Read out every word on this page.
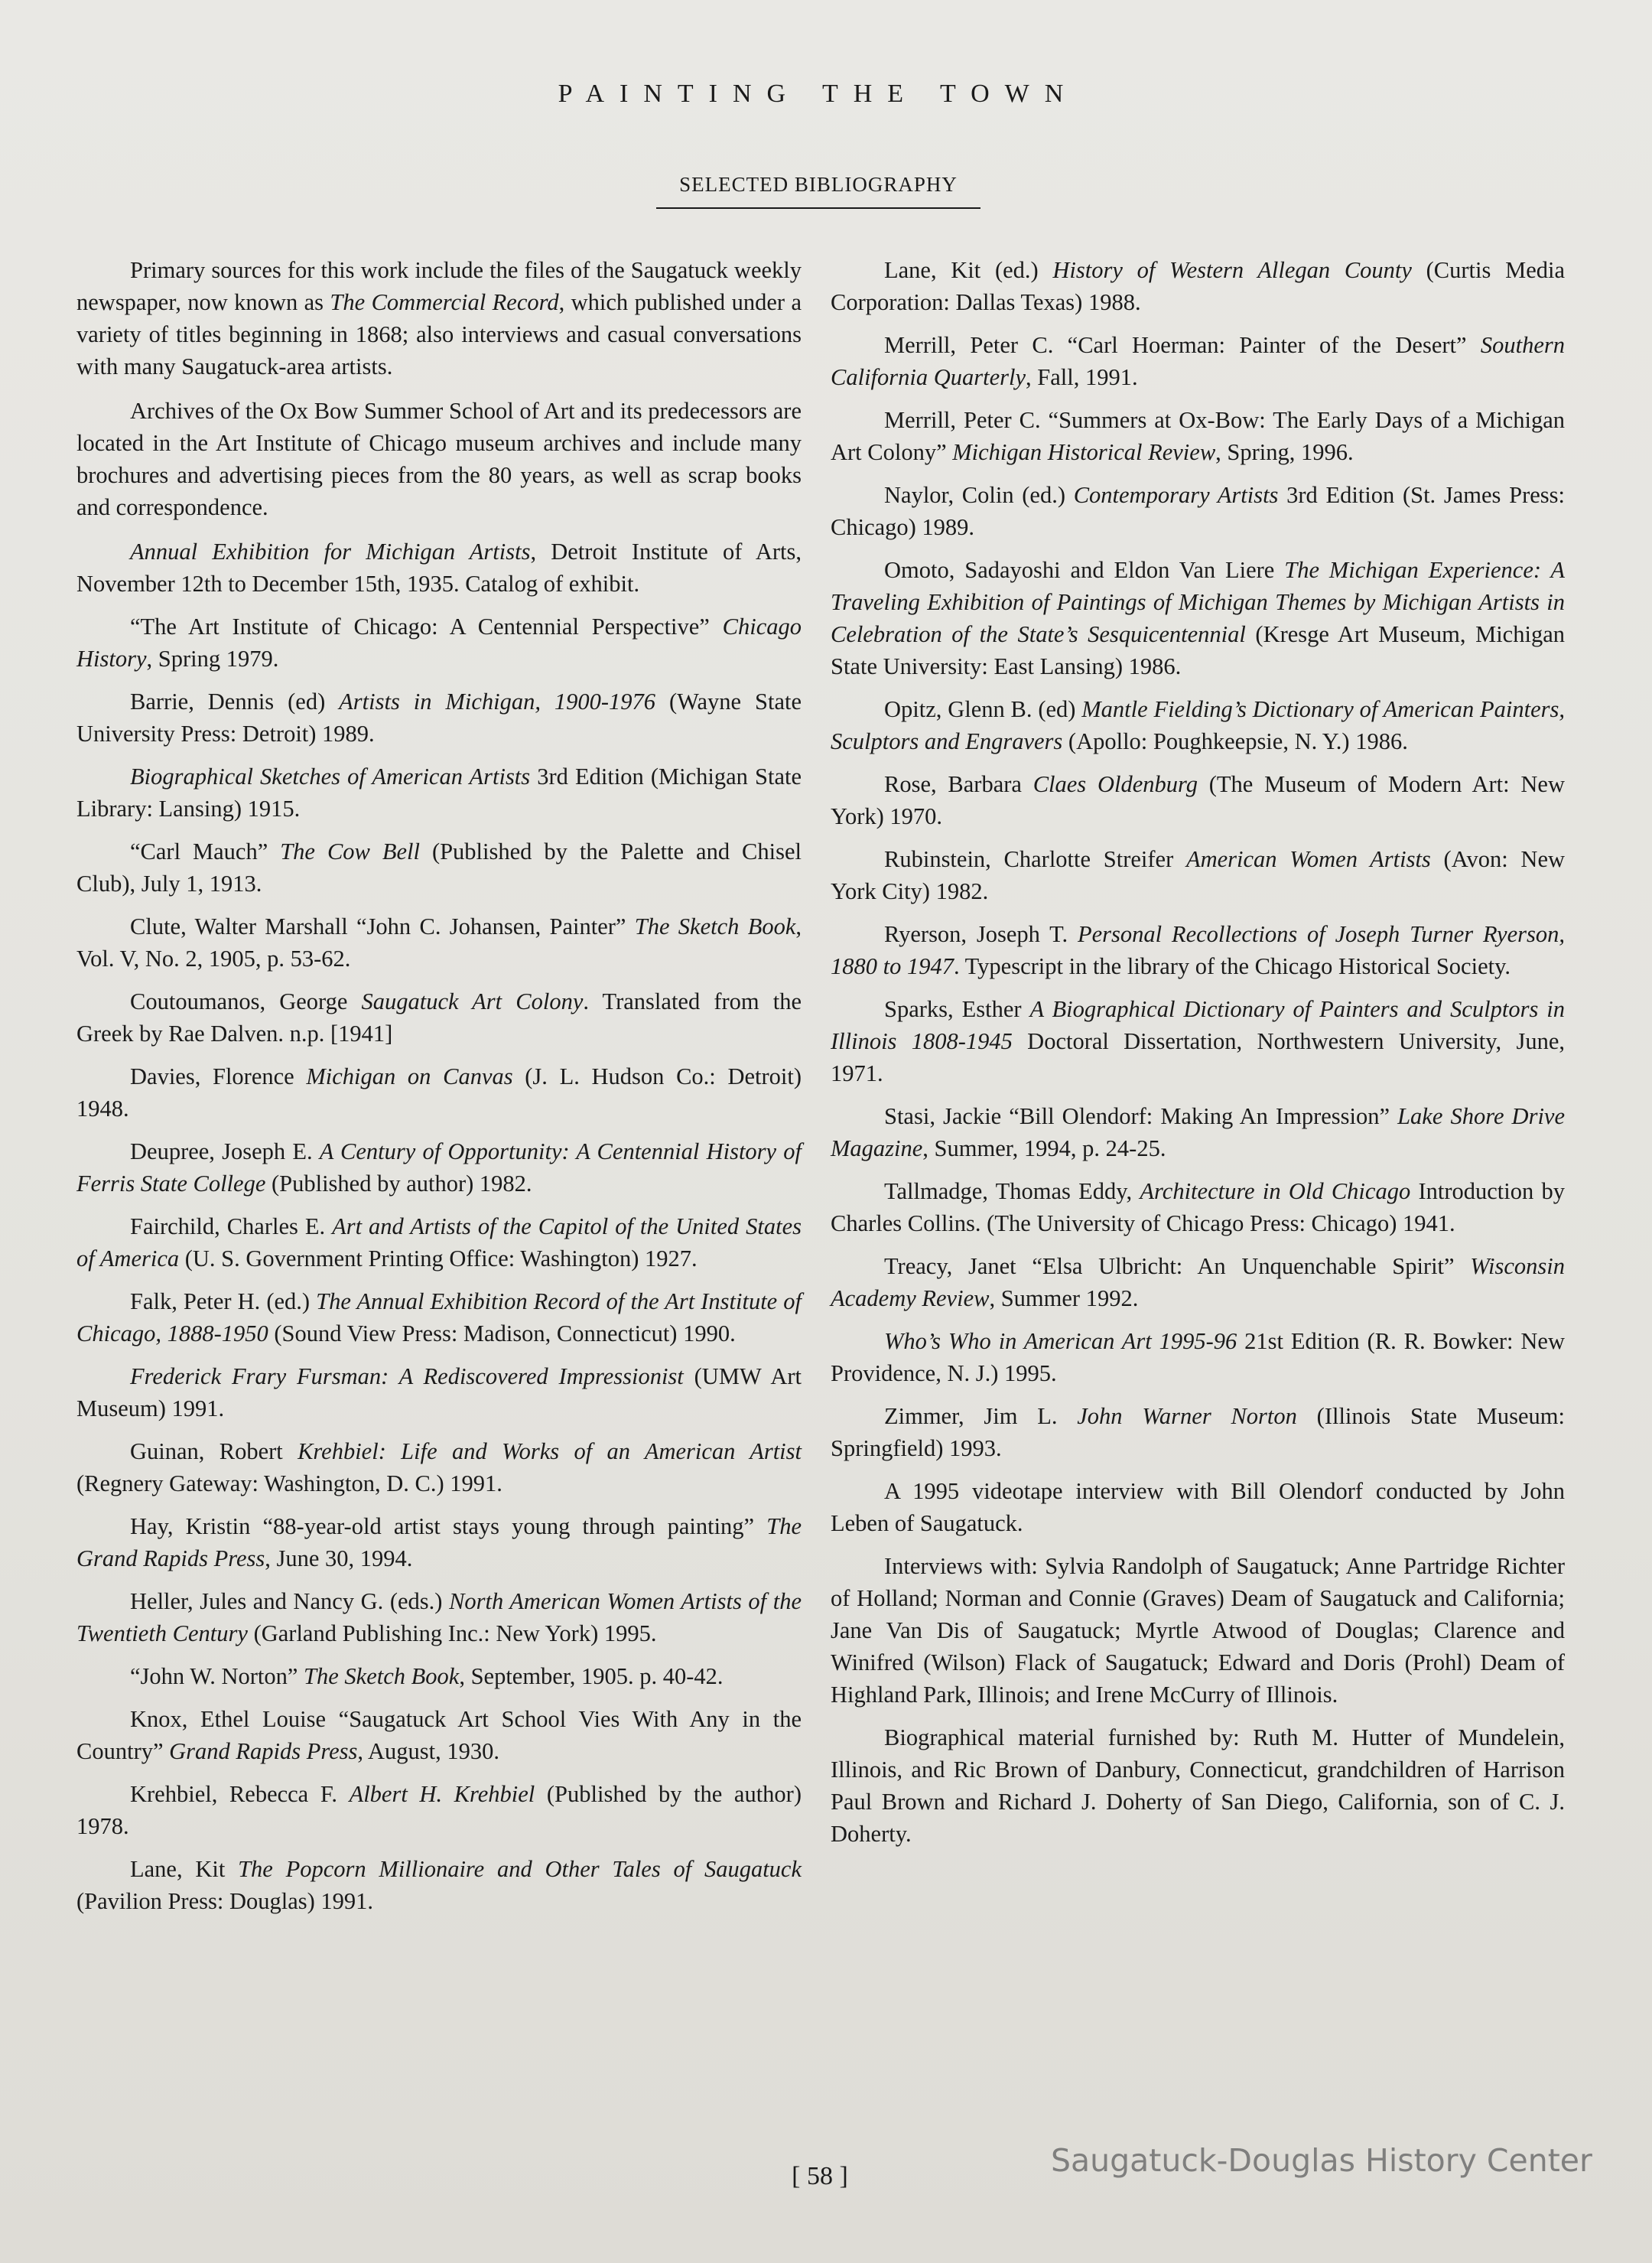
PAINTING THE TOWN
SELECTED BIBLIOGRAPHY

Primary sources for this work include the files of the Saugatuck weekly newspaper, now known as The Commercial Record, which published under a variety of titles beginning in 1868; also interviews and casual conversations with many Saugatuck-area artists.

Archives of the Ox Bow Summer School of Art and its predecessors are located in the Art Institute of Chicago museum archives and include many brochures and advertising pieces from the 80 years, as well as scrap books and correspondence.

Annual Exhibition for Michigan Artists, Detroit Institute of Arts, November 12th to December 15th, 1935. Catalog of exhibit.

“The Art Institute of Chicago: A Centennial Perspective” Chicago History, Spring 1979.

Barrie, Dennis (ed) Artists in Michigan, 1900-1976 (Wayne State University Press: Detroit) 1989.

Biographical Sketches of American Artists 3rd Edition (Michigan State Library: Lansing) 1915.

“Carl Mauch” The Cow Bell (Published by the Palette and Chisel Club), July 1, 1913.

Clute, Walter Marshall “John C. Johansen, Painter” The Sketch Book, Vol. V, No. 2, 1905, p. 53-62.

Coutoumanos, George Saugatuck Art Colony. Translated from the Greek by Rae Dalven. n.p. [1941]

Davies, Florence Michigan on Canvas (J. L. Hudson Co.: Detroit) 1948.

Deupree, Joseph E. A Century of Opportunity: A Centennial History of Ferris State College (Published by author) 1982.

Fairchild, Charles E. Art and Artists of the Capitol of the United States of America (U. S. Government Printing Office: Washington) 1927.

Falk, Peter H. (ed.) The Annual Exhibition Record of the Art Institute of Chicago, 1888-1950 (Sound View Press: Madison, Connecticut) 1990.

Frederick Frary Fursman: A Rediscovered Impressionist (UMW Art Museum) 1991.

Guinan, Robert Krehbiel: Life and Works of an American Artist (Regnery Gateway: Washington, D. C.) 1991.

Hay, Kristin “88-year-old artist stays young through painting” The Grand Rapids Press, June 30, 1994.

Heller, Jules and Nancy G. (eds.) North American Women Artists of the Twentieth Century (Garland Publishing Inc.: New York) 1995.

“John W. Norton” The Sketch Book, September, 1905. p. 40-42.

Knox, Ethel Louise “Saugatuck Art School Vies With Any in the Country” Grand Rapids Press, August, 1930.

Krehbiel, Rebecca F. Albert H. Krehbiel (Published by the author) 1978.

Lane, Kit The Popcorn Millionaire and Other Tales of Saugatuck (Pavilion Press: Douglas) 1991.

Lane, Kit (ed.) History of Western Allegan County (Curtis Media Corporation: Dallas Texas) 1988.

Merrill, Peter C. “Carl Hoerman: Painter of the Desert” Southern California Quarterly, Fall, 1991.

Merrill, Peter C. “Summers at Ox-Bow: The Early Days of a Michigan Art Colony” Michigan Historical Review, Spring, 1996.

Naylor, Colin (ed.) Contemporary Artists 3rd Edition (St. James Press: Chicago) 1989.

Omoto, Sadayoshi and Eldon Van Liere The Michigan Experience: A Traveling Exhibition of Paintings of Michigan Themes by Michigan Artists in Celebration of the State’s Sesquicentennial (Kresge Art Museum, Michigan State University: East Lansing) 1986.

Opitz, Glenn B. (ed) Mantle Fielding’s Dictionary of American Painters, Sculptors and Engravers (Apollo: Poughkeepsie, N. Y.) 1986.

Rose, Barbara Claes Oldenburg (The Museum of Modern Art: New York) 1970.

Rubinstein, Charlotte Streifer American Women Artists (Avon: New York City) 1982.

Ryerson, Joseph T. Personal Recollections of Joseph Turner Ryerson, 1880 to 1947. Typescript in the library of the Chicago Historical Society.

Sparks, Esther A Biographical Dictionary of Painters and Sculptors in Illinois 1808-1945 Doctoral Dissertation, Northwestern University, June, 1971.

Stasi, Jackie “Bill Olendorf: Making An Impression” Lake Shore Drive Magazine, Summer, 1994, p. 24-25.

Tallmadge, Thomas Eddy, Architecture in Old Chicago Introduction by Charles Collins. (The University of Chicago Press: Chicago) 1941.

Treacy, Janet “Elsa Ulbricht: An Unquenchable Spirit” Wisconsin Academy Review, Summer 1992.

Who’s Who in American Art 1995-96 21st Edition (R. R. Bowker: New Providence, N. J.) 1995.

Zimmer, Jim L. John Warner Norton (Illinois State Museum: Springfield) 1993.

A 1995 videotape interview with Bill Olendorf conducted by John Leben of Saugatuck.

Interviews with: Sylvia Randolph of Saugatuck; Anne Partridge Richter of Holland; Norman and Connie (Graves) Deam of Saugatuck and California; Jane Van Dis of Saugatuck; Myrtle Atwood of Douglas; Clarence and Winifred (Wilson) Flack of Saugatuck; Edward and Doris (Prohl) Deam of Highland Park, Illinois; and Irene McCurry of Illinois.

Biographical material furnished by: Ruth M. Hutter of Mundelein, Illinois, and Ric Brown of Danbury, Connecticut, grandchildren of Harrison Paul Brown and Richard J. Doherty of San Diego, California, son of C. J. Doherty.

[ 58 ]	Saugatuck-Douglas History Center
